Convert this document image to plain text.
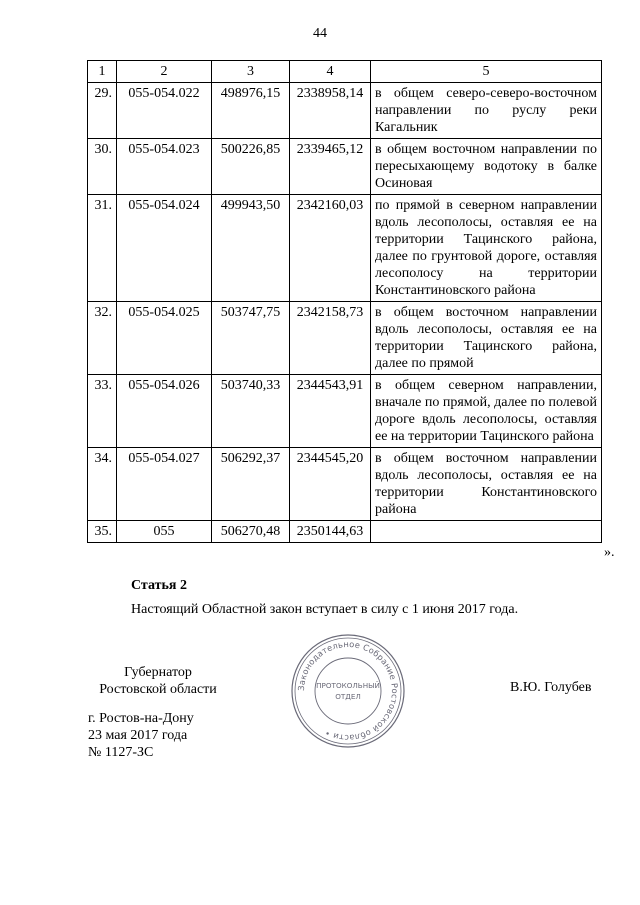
44
1	2	3	4	5
29.	055-054.022	498976,15	2338958,14	в общем северо-северо-восточном направлении по руслу реки Кагальник
30.	055-054.023	500226,85	2339465,12	в общем восточном направлении по пересыхающему водотоку в балке Осиновая
31.	055-054.024	499943,50	2342160,03	по прямой в северном направлении вдоль лесополосы, оставляя ее на территории Тацинского района, далее по грунтовой дороге, оставляя лесополосу на территории Константиновского района
32.	055-054.025	503747,75	2342158,73	в общем восточном направлении вдоль лесополосы, оставляя ее на территории Тацинского района, далее по прямой
33.	055-054.026	503740,33	2344543,91	в общем северном направлении, вначале по прямой, далее по полевой дороге вдоль лесополосы, оставляя ее на территории Тацинского района
34.	055-054.027	506292,37	2344545,20	в общем восточном направлении вдоль лесополосы, оставляя ее на территории Константиновского района
35.	055	506270,48	2350144,63	
».
Статья 2
Настоящий Областной закон вступает в силу с 1 июня 2017 года.
Губернатор
Ростовской области	В.Ю. Голубев
г. Ростов-на-Дону
23 мая 2017 года
№ 1127-ЗС
Законодательное Собрание Ростовской области •
ПРОТОКОЛЬНЫЙ
ОТДЕЛ
